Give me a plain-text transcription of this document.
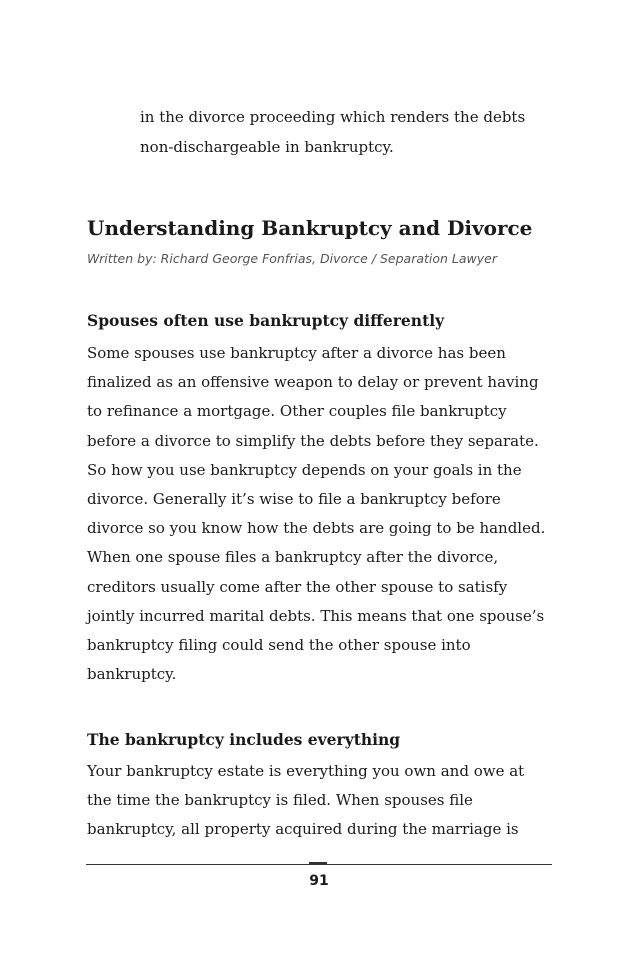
in the divorce proceeding which renders the debts
non-dischargeable in bankruptcy.
Understanding Bankruptcy and Divorce

Written by: Richard George Fonfrias, Divorce / Separation Lawyer

Spouses often use bankruptcy differently
Some spouses use bankruptcy after a divorce has been
finalized as an offensive weapon to delay or prevent having
to refinance a mortgage. Other couples file bankruptcy
before a divorce to simplify the debts before they separate.
So how you use bankruptcy depends on your goals in the
divorce. Generally it’s wise to file a bankruptcy before
divorce so you know how the debts are going to be handled.
When one spouse files a bankruptcy after the divorce,
creditors usually come after the other spouse to satisfy
jointly incurred marital debts. This means that one spouse’s
bankruptcy filing could send the other spouse into
bankruptcy.
The bankruptcy includes everything
Your bankruptcy estate is everything you own and owe at
the time the bankruptcy is filed. When spouses file
bankruptcy, all property acquired during the marriage is
91
